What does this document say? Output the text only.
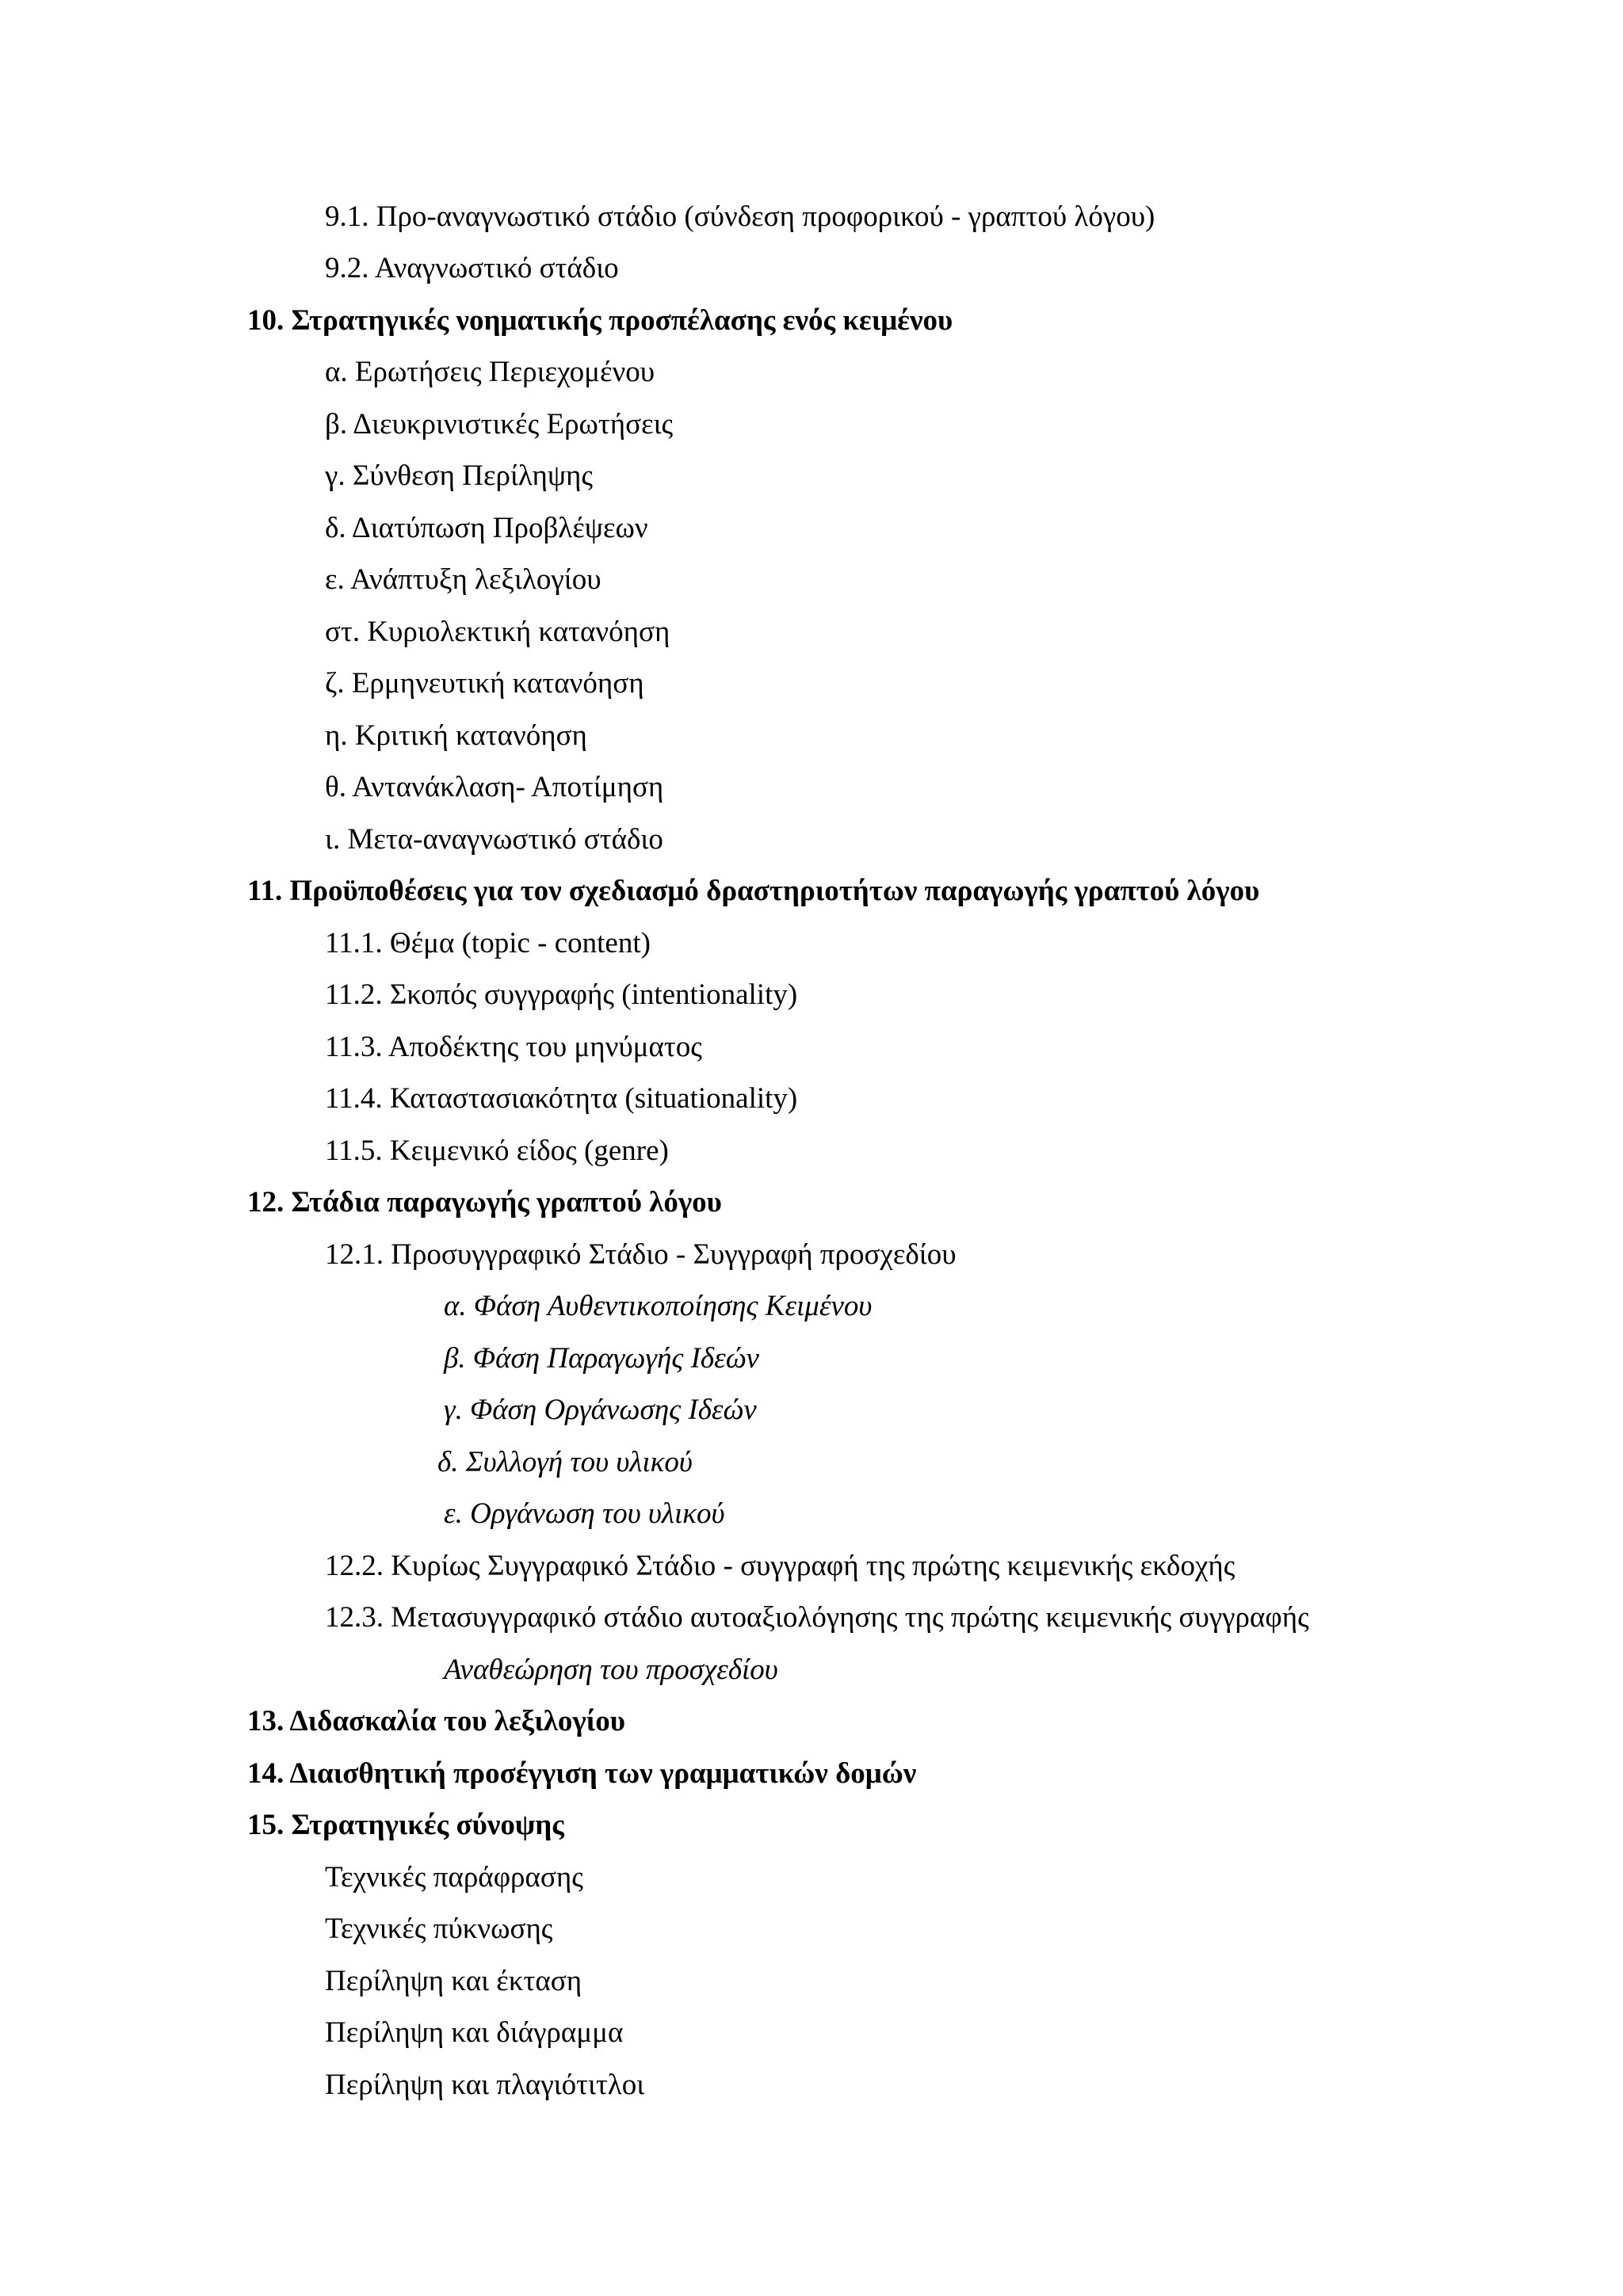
9.1. Προ-αναγνωστικό στάδιο (σύνδεση προφορικού - γραπτού λόγου)
9.2. Αναγνωστικό στάδιο
10. Στρατηγικές νοηματικής προσπέλασης ενός κειμένου
α. Ερωτήσεις Περιεχομένου
β. Διευκρινιστικές Ερωτήσεις
γ. Σύνθεση Περίληψης
δ. Διατύπωση Προβλέψεων
ε. Ανάπτυξη λεξιλογίου
στ. Κυριολεκτική κατανόηση
ζ. Ερμηνευτική κατανόηση
η. Κριτική κατανόηση
θ. Αντανάκλαση- Αποτίμηση
ι. Μετα-αναγνωστικό στάδιο
11. Προϋποθέσεις για τον σχεδιασμό δραστηριοτήτων παραγωγής γραπτού λόγου
11.1. Θέμα (topic - content)
11.2. Σκοπός συγγραφής (intentionality)
11.3. Αποδέκτης του μηνύματος
11.4. Καταστασιακότητα (situationality)
11.5. Κειμενικό είδος (genre)
12. Στάδια παραγωγής γραπτού λόγου
12.1. Προσυγγραφικό Στάδιο - Συγγραφή προσχεδίου
α. Φάση Αυθεντικοποίησης Κειμένου
β. Φάση Παραγωγής Ιδεών
γ. Φάση Οργάνωσης Ιδεών
δ. Συλλογή του υλικού
ε. Οργάνωση του υλικού
12.2. Κυρίως Συγγραφικό Στάδιο - συγγραφή της πρώτης κειμενικής εκδοχής
12.3. Μετασυγγραφικό στάδιο αυτοαξιολόγησης της πρώτης κειμενικής συγγραφής
Αναθεώρηση του προσχεδίου
13. Διδασκαλία του λεξιλογίου
14. Διαισθητική προσέγγιση των γραμματικών δομών
15. Στρατηγικές σύνοψης
Τεχνικές παράφρασης
Τεχνικές πύκνωσης
Περίληψη και έκταση
Περίληψη και διάγραμμα
Περίληψη και πλαγιότιτλοι
